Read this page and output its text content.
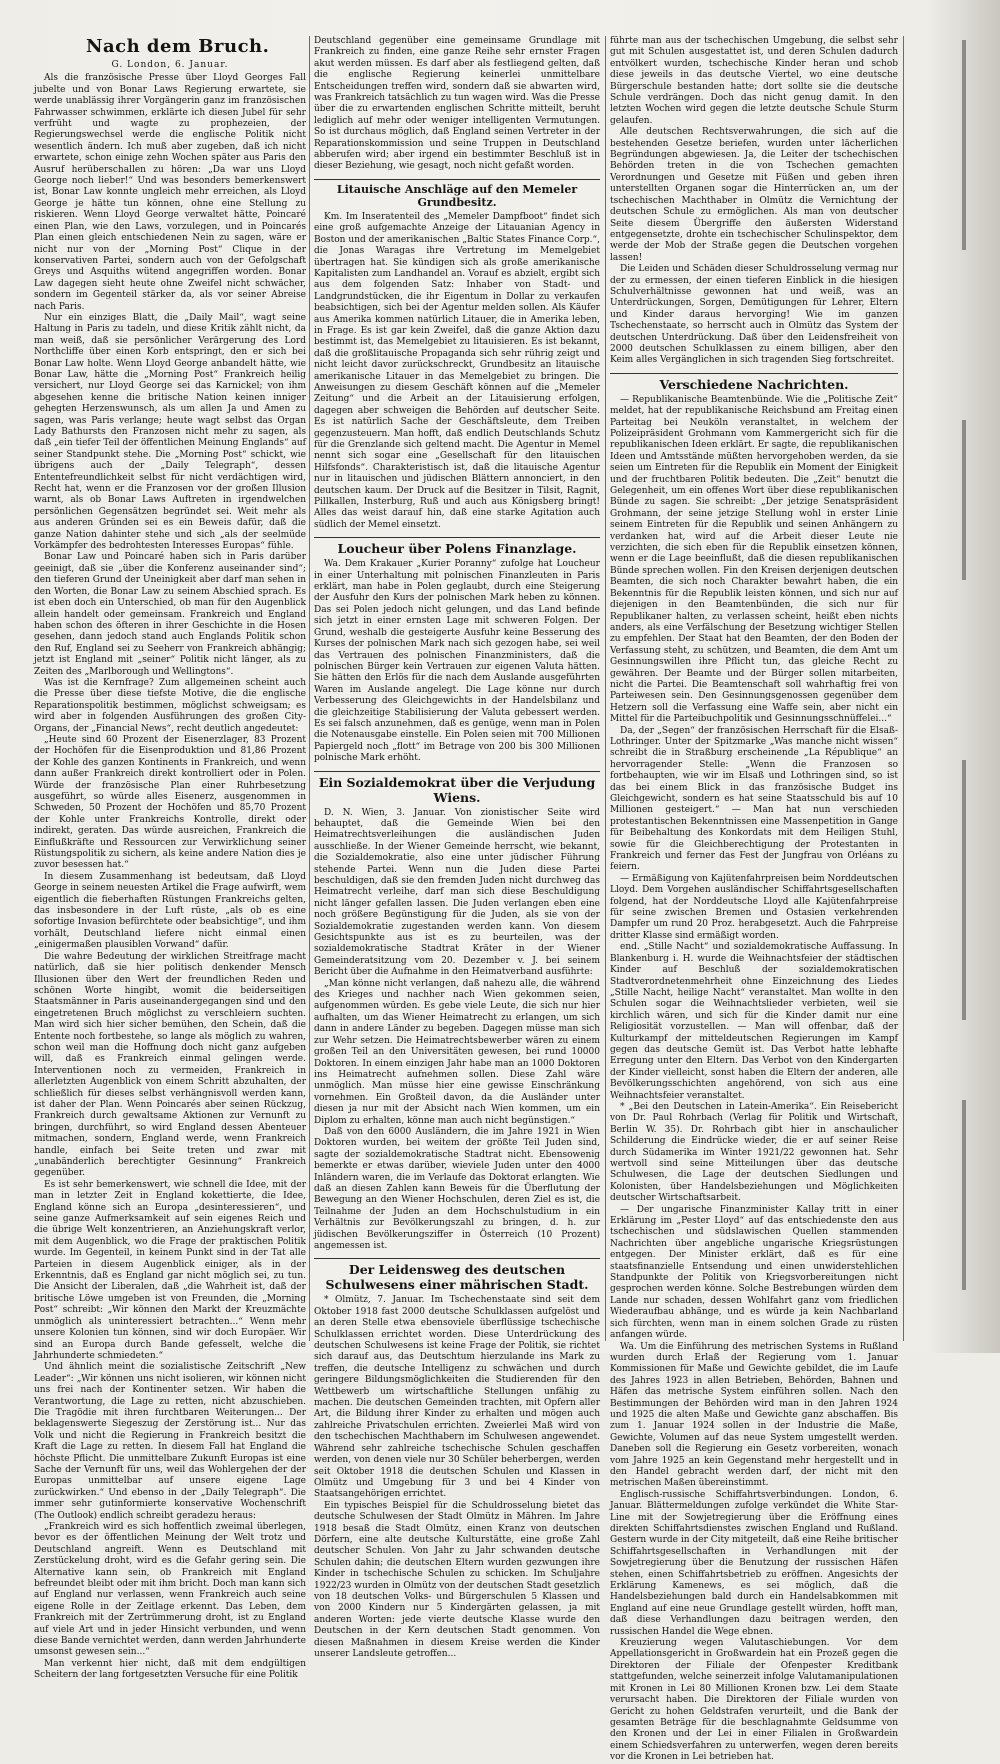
Nach dem Bruch.
G. London, 6. Januar.

Als die französische Presse über Lloyd Georges Fall jubelte und von Bonar Laws Regierung erwartete, sie werde unablässig ihrer Vorgängerin ganz im französischen Fahrwasser schwimmen, erklärte ich diesen Jubel für sehr verfrüht und wagte zu prophezeien, der Regierungswechsel werde die englische Politik nicht wesentlich ändern. Ich muß aber zugeben, daß ich nicht erwartete, schon einige zehn Wochen später aus Paris den Ausruf herüberschallen zu hören: „Da war uns Lloyd George noch lieber!“ Und was besonders bemerkenswert ist, Bonar Law konnte ungleich mehr erreichen, als Lloyd George je hätte tun können, ohne eine Stellung zu riskieren. Wenn Lloyd George verwaltet hätte, Poincaré einen Plan, wie den Laws, vorzulegen, und in Poincarés Plan einen gleich entschiedenen Nein zu sagen, wäre er nicht nur von der „Morning Post“ Clique in der konservativen Partei, sondern auch von der Gefolgschaft Greys und Asquiths wütend angegriffen worden. Bonar Law dagegen sieht heute ohne Zweifel nicht schwächer, sondern im Gegenteil stärker da, als vor seiner Abreise nach Paris.

Nur ein einziges Blatt, die „Daily Mail“, wagt seine Haltung in Paris zu tadeln, und diese Kritik zählt nicht, da man weiß, daß sie persönlicher Verärgerung des Lord Northcliffe über einen Korb entspringt, den er sich bei Bonar Law holte. Wenn Lloyd George anbandelt hätte, wie Bonar Law, hätte die „Morning Post“ Frankreich heilig versichert, nur Lloyd George sei das Karnickel; von ihm abgesehen kenne die britische Nation keinen inniger gehegten Herzenswunsch, als um allen Ja und Amen zu sagen, was Paris verlange; heute wagt selbst das Organ Lady Bathursts den Franzosen nicht mehr zu sagen, als daß „ein tiefer Teil der öffentlichen Meinung Englands“ auf seiner Standpunkt stehe. Die „Morning Post“ schickt, wie übrigens auch der „Daily Telegraph“, dessen Ententefreundlichkeit selbst für nicht verdächtigen wird, Recht hat, wenn er die Franzosen vor der großen Illusion warnt, als ob Bonar Laws Auftreten in irgendwelchen persönlichen Gegensätzen begründet sei. Weit mehr als aus anderen Gründen sei es ein Beweis dafür, daß die ganze Nation dahinter stehe und sich „als der seelmüde Vorkämpfer des bedrohtesten Interesses Europas“ fühle.

Bonar Law und Poincaré haben sich in Paris darüber geeinigt, daß sie „über die Konferenz auseinander sind“; den tieferen Grund der Uneinigkeit aber darf man sehen in den Worten, die Bonar Law zu seinem Abschied sprach. Es ist eben doch ein Unterschied, ob man für den Augenblick allein handelt oder gemeinsam. Frankreich und England haben schon des öfteren in ihrer Geschichte in die Hosen gesehen, dann jedoch stand auch Englands Politik schon den Ruf, England sei zu Seeherr von Frankreich abhängig; jetzt ist England mit „seiner“ Politik nicht länger, als zu Zeiten des „Marlborough und Wellingtons“.

Was ist die Kernfrage? Zum allgemeinen scheint auch die Presse über diese tiefste Motive, die die englische Reparationspolitik bestimmen, möglichst schweigsam; es wird aber in folgenden Ausführungen des großen City-Organs, der „Financial News“, recht deutlich angedeutet:

„Heute sind 60 Prozent der Eisenerzlager, 83 Prozent der Hochöfen für die Eisenproduktion und 81,86 Prozent der Kohle des ganzen Kontinents in Frankreich, und wenn dann außer Frankreich direkt kontrolliert oder in Polen. Würde der französische Plan einer Ruhrbesetzung ausgeführt, so würde alles Eisenerz, ausgenommen in Schweden, 50 Prozent der Hochöfen und 85,70 Prozent der Kohle unter Frankreichs Kontrolle, direkt oder indirekt, geraten. Das würde ausreichen, Frankreich die Einflußkräfte und Ressourcen zur Verwirklichung seiner Rüstungspolitik zu sichern, als keine andere Nation dies je zuvor besessen hat.“

In diesem Zusammenhang ist bedeutsam, daß Lloyd George in seinem neuesten Artikel die Frage aufwirft, wem eigentlich die fieberhaften Rüstungen Frankreichs gelten, das insbesondere in der Luft rüste, „als ob es eine sofortige Invasion befürchtete oder beabsichtige“, und ihm vorhält, Deutschland liefere nicht einmal einen „einigermaßen plausiblen Vorwand“ dafür.

Die wahre Bedeutung der wirklichen Streitfrage macht natürlich, daß sie hier politisch denkender Mensch Illusionen über den Wert der freundlichen Reden und schönen Worte hingibt, womit die beiderseitigen Staatsmänner in Paris auseinandergegangen sind und den eingetretenen Bruch möglichst zu verschleiern suchten. Man wird sich hier sicher bemühen, den Schein, daß die Entente noch fortbestehe, so lange als möglich zu wahren, schon weil man die Hoffnung doch nicht ganz aufgeben will, daß es Frankreich einmal gelingen werde. Interventionen noch zu vermeiden, Frankreich in allerletzten Augenblick von einem Schritt abzuhalten, der schließlich für dieses selbst verhängnisvoll werden kann, ist daher der Plan. Wenn Poincarés aber seinen Rückzug, Frankreich durch gewaltsame Aktionen zur Vernunft zu bringen, durchführt, so wird England dessen Abenteuer mitmachen, sondern, England werde, wenn Frankreich handle, einfach bei Seite treten und zwar mit „unabänderlich berechtigter Gesinnung“ Frankreich gegenüber.

Es ist sehr bemerkenswert, wie schnell die Idee, mit der man in letzter Zeit in England kokettierte, die Idee, England könne sich an Europa „desinteressieren“, und seine ganze Aufmerksamkeit auf sein eigenes Reich und die übrige Welt konzentrieren, an Anziehungskraft verlor, mit dem Augenblick, wo die Frage der praktischen Politik wurde. Im Gegenteil, in keinem Punkt sind in der Tat alle Parteien in diesem Augenblick einiger, als in der Erkenntnis, daß es England gar nicht möglich sei, zu tun. Die Ansicht der Liberalen, daß „die Wahrheit ist, daß der britische Löwe umgeben ist von Freunden, die „Morning Post“ schreibt: „Wir können den Markt der Kreuzmächte unmöglich als uninteressiert betrachten...“ Wenn mehr unsere Kolonien tun können, sind wir doch Europäer. Wir sind an Europa durch Bande gefesselt, welche die Jahrhunderte schmiedeten.“

Und ähnlich meint die sozialistische Zeitschrift „New Leader“: „Wir können uns nicht isolieren, wir können nicht uns frei nach der Kontinenter setzen. Wir haben die Verantwortung, die Lage zu retten, nicht abzuschieben. Die Tragödie mit ihren furchtbaren Weiterungen... Der beklagenswerte Siegeszug der Zerstörung ist... Nur das Volk und nicht die Regierung in Frankreich besitzt die Kraft die Lage zu retten. In diesem Fall hat England die höchste Pflicht. Die unmittelbare Zukunft Europas ist eine Sache der Vernunft für uns, weil das Wohlergehen der der Europas unmittelbar auf unsere eigene Lage zurückwirken.“ Und ebenso in der „Daily Telegraph“. Die immer sehr gutinformierte konservative Wochenschrift (The Outlook) endlich schreibt geradezu heraus:

„Frankreich wird es sich hoffentlich zweimal überlegen, bevor es der öffentlichen Meinung der Welt trotz und Deutschland angreift. Wenn es Deutschland mit Zerstückelung droht, wird es die Gefahr gering sein. Die Alternative kann sein, ob Frankreich mit England befreundet bleibt oder mit ihm bricht. Doch man kann sich auf England nur verlassen, wenn Frankreich auch seine eigene Rolle in der Zeitlage erkennt. Das Leben, dem Frankreich mit der Zertrümmerung droht, ist zu England auf viele Art und in jeder Hinsicht verbunden, und wenn diese Bande vernichtet werden, dann werden Jahrhunderte umsonst gewesen sein...“

Man verkennt hier nicht, daß mit dem endgültigen Scheitern der lang fortgesetzten Versuche für eine Politik

Deutschland gegenüber eine gemeinsame Grundlage mit Frankreich zu finden, eine ganze Reihe sehr ernster Fragen akut werden müssen. Es darf aber als festliegend gelten, daß die englische Regierung keinerlei unmittelbare Entscheidungen treffen wird, sondern daß sie abwarten wird, was Frankreich tatsächlich zu tun wagen wird. Was die Presse über die zu erwartenden englischen Schritte mitteilt, beruht lediglich auf mehr oder weniger intelligenten Vermutungen. So ist durchaus möglich, daß England seinen Vertreter in der Reparationskommission und seine Truppen in Deutschland abberufen wird; aber irgend ein bestimmter Beschluß ist in dieser Beziehung, wie gesagt, noch nicht gefaßt worden.

Litauische Anschläge auf den Memeler Grundbesitz.

Km. Im Inseratenteil des „Memeler Dampfboot“ findet sich eine groß aufgemachte Anzeige der Litauanian Agency in Boston und der amerikanischen „Baltic States Finance Corp.“, die Jonas Waragas ihre Vertretung im Memelgebiet übertragen hat. Sie kündigen sich als große amerikanische Kapitalisten zum Landhandel an. Vorauf es abzielt, ergibt sich aus dem folgenden Satz: Inhaber von Stadt- und Landgrundstücken, die ihr Eigentum in Dollar zu verkaufen beabsichtigen, sich bei der Agentur melden sollen. Als Käufer aus Amerika kommen natürlich Litauer, die in Amerika leben, in Frage. Es ist gar kein Zweifel, daß die ganze Aktion dazu bestimmt ist, das Memelgebiet zu litauisieren. Es ist bekannt, daß die großlitauische Propaganda sich sehr rührig zeigt und nicht leicht davor zurückschreckt, Grundbesitz an litauische amerikanische Litauer in das Memelgebiet zu bringen. Die Anweisungen zu diesem Geschäft können auf die „Memeler Zeitung“ und die Arbeit an der Litauisierung erfolgen, dagegen aber schweigen die Behörden auf deutscher Seite. Es ist natürlich Sache der Geschäftsleute, dem Treiben gegenzusteuern. Man hofft, daß endlich Deutschlands Schutz für die Grenzlande sich geltend macht. Die Agentur in Memel nennt sich sogar eine „Gesellschaft für den litauischen Hilfsfonds“. Charakteristisch ist, daß die litauische Agentur nur in litauischen und jüdischen Blättern annonciert, in den deutschen kaum. Der Druck auf die Besitzer in Tilsit, Ragnit, Pillkallen, Insterburg, Ruß und auch aus Königsberg bringt! Alles das weist darauf hin, daß eine starke Agitation auch südlich der Memel einsetzt.

Loucheur über Polens Finanzlage.

Wa. Dem Krakauer „Kurier Poranny“ zufolge hat Loucheur in einer Unterhaltung mit polnischen Finanzleuten in Paris erklärt, man habe in Polen geglaubt, durch eine Steigerung der Ausfuhr den Kurs der polnischen Mark heben zu können. Das sei Polen jedoch nicht gelungen, und das Land befinde sich jetzt in einer ernsten Lage mit schweren Folgen. Der Grund, weshalb die gesteigerte Ausfuhr keine Besserung des Kurses der polnischen Mark nach sich gezogen habe, sei weil das Vertrauen des polnischen Finanzministers, daß die polnischen Bürger kein Vertrauen zur eigenen Valuta hätten. Sie hätten den Erlös für die nach dem Auslande ausgeführten Waren im Auslande angelegt. Die Lage könne nur durch Verbesserung des Gleichgewichts in der Handelsbilanz und die gleichzeitige Stabilisierung der Valuta gebessert werden. Es sei falsch anzunehmen, daß es genüge, wenn man in Polen die Notenausgabe einstelle. Ein Polen seien mit 700 Millionen Papiergeld noch „flott“ im Betrage von 200 bis 300 Millionen polnische Mark erhöht.

Ein Sozialdemokrat über die Verjudung Wiens.

D. N. Wien, 3. Januar. Von zionistischer Seite wird behauptet, daß die Gemeinde Wien bei den Heimatrechtsverleihungen die ausländischen Juden ausschließe. In der Wiener Gemeinde herrscht, wie bekannt, die Sozialdemokratie, also eine unter jüdischer Führung stehende Partei. Wenn nun die Juden diese Partei beschuldigen, daß sie den fremden Juden nicht durchweg das Heimatrecht verleihe, darf man sich diese Beschuldigung nicht länger gefallen lassen. Die Juden verlangen eben eine noch größere Begünstigung für die Juden, als sie von der Sozialdemokratie zugestanden werden kann. Von diesem Gesichtspunkte aus ist es zu beurteilen, was der sozialdemokratische Stadtrat Kräter in der Wiener Gemeinderatsitzung vom 20. Dezember v. J. bei seinem Bericht über die Aufnahme in den Heimatverband ausführte:

„Man könne nicht verlangen, daß nahezu alle, die während des Krieges und nachher nach Wien gekommen seien, aufgenommen würden. Es gebe viele Leute, die sich nur hier aufhalten, um das Wiener Heimatrecht zu erlangen, um sich dann in andere Länder zu begeben. Dagegen müsse man sich zur Wehr setzen. Die Heimatrechtsbewerber wären zu einem großen Teil an den Universitäten gewesen, bei rund 10000 Doktoren. In einem einzigen Jahr habe man an 1000 Doktoren ins Heimatrecht aufnehmen sollen. Diese Zahl wäre unmöglich. Man müsse hier eine gewisse Einschränkung vornehmen. Ein Großteil davon, da die Ausländer unter diesen ja nur mit der Absicht nach Wien kommen, um ein Diplom zu erhalten, könne man auch nicht begünstigen.“

Daß von den 6000 Ausländern, die im Jahre 1921 in Wien Doktoren wurden, bei weitem der größte Teil Juden sind, sagte der sozialdemokratische Stadtrat nicht. Ebensowenig bemerkte er etwas darüber, wieviele Juden unter den 4000 Inländern waren, die im Verlaufe das Doktorat erlangten. Wie daß an diesen Zahlen kann Beweis für die Überflutung der Bewegung an den Wiener Hochschulen, deren Ziel es ist, die Teilnahme der Juden an dem Hochschulstudium in ein Verhältnis zur Bevölkerungszahl zu bringen, d. h. zur jüdischen Bevölkerungsziffer in Österreich (10 Prozent) angemessen ist.

Der Leidensweg des deutschen Schulwesens einer mährischen Stadt.

* Olmütz, 7. Januar. Im Tschechenstaate sind seit dem Oktober 1918 fast 2000 deutsche Schulklassen aufgelöst und an deren Stelle etwa ebensoviele überflüssige tschechische Schulklassen errichtet worden. Diese Unterdrückung des deutschen Schulwesens ist keine Frage der Politik, sie richtet sich darauf aus, das Deutschtum hierzulande ins Mark zu treffen, die deutsche Intelligenz zu schwächen und durch geringere Bildungsmöglichkeiten die Studierenden für den Wettbewerb um wirtschaftliche Stellungen unfähig zu machen. Die deutschen Gemeinden trachten, mit Opfern aller Art, die Bildung ihrer Kinder zu erhalten und mögen auch zahlreiche Privatschulen errichten. Zweierlei Maß wird von den tschechischen Machthabern im Schulwesen angewendet. Während sehr zahlreiche tschechische Schulen geschaffen werden, von denen viele nur 30 Schüler beherbergen, werden seit Oktober 1918 die deutschen Schulen und Klassen in Olmütz und Umgebung für 3 und bei 4 Kinder von Staatsangehörigen errichtet.

Ein typisches Beispiel für die Schuldrosselung bietet das deutsche Schulwesen der Stadt Olmütz in Mähren. Im Jahre 1918 besaß die Stadt Olmütz, einen Kranz von deutschen Dörfern, eine alte deutsche Kulturstätte, eine große Zahl deutscher Schulen. Von Jahr zu Jahr schwanden deutsche Schulen dahin; die deutschen Eltern wurden gezwungen ihre Kinder in tschechische Schulen zu schicken. Im Schuljahre 1922/23 wurden in Olmütz von der deutschen Stadt gesetzlich von 18 deutschen Volks- und Bürgerschulen 5 Klassen und von 2000 Kindern nur 5 Kindergärten gelassen, ja mit anderen Worten: jede vierte deutsche Klasse wurde den Deutschen in der Kern deutschen Stadt genommen. Von diesen Maßnahmen in diesem Kreise werden die Kinder unserer Landsleute getroffen...

führte man aus der tschechischen Umgebung, die selbst sehr gut mit Schulen ausgestattet ist, und deren Schulen dadurch entvölkert wurden, tschechische Kinder heran und schob diese jeweils in das deutsche Viertel, wo eine deutsche Bürgerschule bestanden hatte; dort sollte sie die deutsche Schule verdrängen. Doch das nicht genug damit. In den letzten Wochen wird gegen die letzte deutsche Schule Sturm gelaufen.

Alle deutschen Rechtsverwahrungen, die sich auf die bestehenden Gesetze beriefen, wurden unter lächerlichen Begründungen abgewiesen. Ja, die Leiter der tschechischen Behörden treten in die von Tschechen gemachten Verordnungen und Gesetze mit Füßen und geben ihren unterstellten Organen sogar die Hinterrücken an, um der tschechischen Machthaber in Olmütz die Vernichtung der deutschen Schule zu ermöglichen. Als man von deutscher Seite diesem Übergriffe den äußersten Widerstand entgegensetzte, drohte ein tschechischer Schulinspektor, dem werde der Mob der Straße gegen die Deutschen vorgehen lassen!

Die Leiden und Schäden dieser Schuldrosselung vermag nur der zu ermessen, der einen tieferen Einblick in die hiesigen Schulverhältnisse gewonnen hat und weiß, was an Unterdrückungen, Sorgen, Demütigungen für Lehrer, Eltern und Kinder daraus hervorging! Wie im ganzen Tschechenstaate, so herrscht auch in Olmütz das System der deutschen Unterdrückung. Daß über den Leidensfreiheit von 2000 deutschen Schulklassen zu einem billigen, aber den Keim alles Vergänglichen in sich tragenden Sieg fortschreitet.

Verschiedene Nachrichten.

— Republikanische Beamtenbünde. Wie die „Politische Zeit“ meldet, hat der republikanische Reichsbund am Freitag einen Parteitag bei Neuköln veranstaltet, in welchem der Polizeipräsident Grohmann vom Kammergericht sich für die republikanischen Ideen erklärt. Er sagte, die republikanischen Ideen und Amtsstände müßten hervorgehoben werden, da sie seien um Eintreten für die Republik ein Moment der Einigkeit und der fruchtbaren Politik bedeuten. Die „Zeit“ benutzt die Gelegenheit, um ein offenes Wort über diese republikanischen Bünde zu sagen. Sie schreibt: „Der jetzige Senatspräsident Grohmann, der seine jetzige Stellung wohl in erster Linie seinem Eintreten für die Republik und seinen Anhängern zu verdanken hat, wird auf die Arbeit dieser Leute nie verzichten, die sich eben für die Republik einsetzen können, wenn er die Lage beeinflußt, daß die diesen republikanischen Bünde sprechen wollen. Fin den Kreisen derjenigen deutschen Beamten, die sich noch Charakter bewahrt haben, die ein Bekenntnis für die Republik leisten können, und sich nur auf diejenigen in den Beamtenbünden, die sich nur für Republikaner halten, zu verlassen scheint, heißt eben nichts anders, als eine Verfälschung der Besetzung wichtiger Stellen zu empfehlen. Der Staat hat den Beamten, der den Boden der Verfassung steht, zu schützen, und Beamten, die dem Amt um Gesinnungswillen ihre Pflicht tun, das gleiche Recht zu gewähren. Der Beamte und der Bürger sollen mitarbeiten, nicht die Partei. Die Beamtenschaft soll wahrhaftig frei von Parteiwesen sein. Den Gesinnungsgenossen gegenüber dem Hetzern soll die Verfassung eine Waffe sein, aber nicht ein Mittel für die Parteibuchpolitik und Gesinnungsschnüffelei...“

Da, der „Segen“ der französischen Herrschaft für die Elsaß-Lothringer. Unter der Spitzmarke „Was manche nicht wissen“ schreibt die in Straßburg erscheinende „La République“ an hervorragender Stelle: „Wenn die Franzosen so fortbehaupten, wie wir im Elsaß und Lothringen sind, so ist das bei einem Blick in das französische Budget ins Gleichgewicht, sondern es hat seine Staatsschuld bis auf 10 Millionen gesteigert.“ — Man hat nun verschieden protestantischen Bekenntnissen eine Massenpetition in Gange für Beibehaltung des Konkordats mit dem Heiligen Stuhl, sowie für die Gleichberechtigung der Protestanten in Frankreich und ferner das Fest der Jungfrau von Orléans zu feiern.

— Ermäßigung von Kajütenfahrpreisen beim Norddeutschen Lloyd. Dem Vorgehen ausländischer Schiffahrtsgesellschaften folgend, hat der Norddeutsche Lloyd alle Kajütenfahrpreise für seine zwischen Bremen und Ostasien verkehrenden Dampfer um rund 20 Proz. herabgesetzt. Auch die Fahrpreise dritter Klasse sind ermäßigt worden.

end. „Stille Nacht“ und sozialdemokratische Auffassung. In Blankenburg i. H. wurde die Weihnachtsfeier der städtischen Kinder auf Beschluß der sozialdemokratischen Stadtverordnetenmehrheit ohne Einzeichnung des Liedes „Stille Nacht, heilige Nacht“ veranstaltet. Man wollte in den Schulen sogar die Weihnachtslieder verbieten, weil sie kirchlich wären, und sich für die Kinder damit nur eine Religiosität vorzustellen. — Man will offenbar, daß der Kulturkampf der mitteldeutschen Regierungen im Kampf gegen das deutsche Gemüt ist. Das Verbot hatte lebhafte Erregung unter den Eltern. Das Verbot von den Kindergarten der Kinder vielleicht, sonst haben die Eltern der anderen, alle Bevölkerungsschichten angehörend, von sich aus eine Weihnachtsfeier veranstaltet.

* „Bei den Deutschen in Latein-Amerika“. Ein Reisebericht von Dr. Paul Rohrbach (Verlag für Politik und Wirtschaft, Berlin W. 35). Dr. Rohrbach gibt hier in anschaulicher Schilderung die Eindrücke wieder, die er auf seiner Reise durch Südamerika im Winter 1921/22 gewonnen hat. Sehr wertvoll sind seine Mitteilungen über das deutsche Schulwesen, die Lage der deutschen Siedlungen und Kolonisten, über Handelsbeziehungen und Möglichkeiten deutscher Wirtschaftsarbeit.

— Der ungarische Finanzminister Kallay tritt in einer Erklärung im „Pester Lloyd“ auf das entschiedenste den aus tschechischen und südslawischen Quellen stammenden Nachrichten über angebliche ungarische Kriegsrüstungen entgegen. Der Minister erklärt, daß es für eine staatsfinanzielle Entsendung und einen unwiderstehlichen Standpunkte der Politik von Kriegsvorbereitungen nicht gesprochen werden könne. Solche Bestrebungen würden dem Lande nur schaden, dessen Wohlfahrt ganz vom friedlichen Wiederaufbau abhänge, und es würde ja kein Nachbarland sich fürchten, wenn man in einem solchen Grade zu rüsten anfangen würde.

Wa. Um die Einführung des metrischen Systems in Rußland wurden durch Erlaß der Regierung vom 1. Januar Kommissionen für Maße und Gewichte gebildet, die im Laufe des Jahres 1923 in allen Betrieben, Behörden, Bahnen und Häfen das metrische System einführen sollen. Nach den Bestimmungen der Behörden wird man in den Jahren 1924 und 1925 die alten Maße und Gewichte ganz abschaffen. Bis zum 1. Januar 1924 sollen in der Industrie die Maße, Gewichte, Volumen auf das neue System umgestellt werden. Daneben soll die Regierung ein Gesetz vorbereiten, wonach vom Jahre 1925 an kein Gegenstand mehr hergestellt und in den Handel gebracht werden darf, der nicht mit den metrischen Maßen übereinstimmt.

Englisch-russische Schiffahrtsverbindungen. London, 6. Januar. Blättermeldungen zufolge verkündet die White Star-Line mit der Sowjetregierung über die Eröffnung eines direkten Schiffahrtsdienstes zwischen England und Rußland. Gestern wurde in der City mitgeteilt, daß eine Reihe britischer Schiffahrtsgesellschaften in Verhandlungen mit der Sowjetregierung über die Benutzung der russischen Häfen stehen, einen Schiffahrtsbetrieb zu eröffnen. Angesichts der Erklärung Kamenews, es sei möglich, daß die Handelsbeziehungen bald durch ein Handelsabkommen mit England auf eine neue Grundlage gestellt würden, hofft man, daß diese Verhandlungen dazu beitragen werden, den russischen Handel die Wege ebnen.

Kreuzierung wegen Valutaschiebungen. Vor dem Appellationsgericht in Großwardein hat ein Prozeß gegen die Direktoren der Filiale der Ofenpester Kreditbank stattgefunden, welche seinerzeit infolge Valutamanipulationen mit Kronen in Lei 80 Millionen Kronen bzw. Lei dem Staate verursacht haben. Die Direktoren der Filiale wurden von Gericht zu hohen Geldstrafen verurteilt, und die Bank der gesamten Beträge für die beschlagnahmte Geldsumme von den Kronen und der Lei in einer Filialen in Großwardein einem Schiedsverfahren zu unterwerfen, wegen deren bereits vor die Kronen in Lei betrieben hat.
